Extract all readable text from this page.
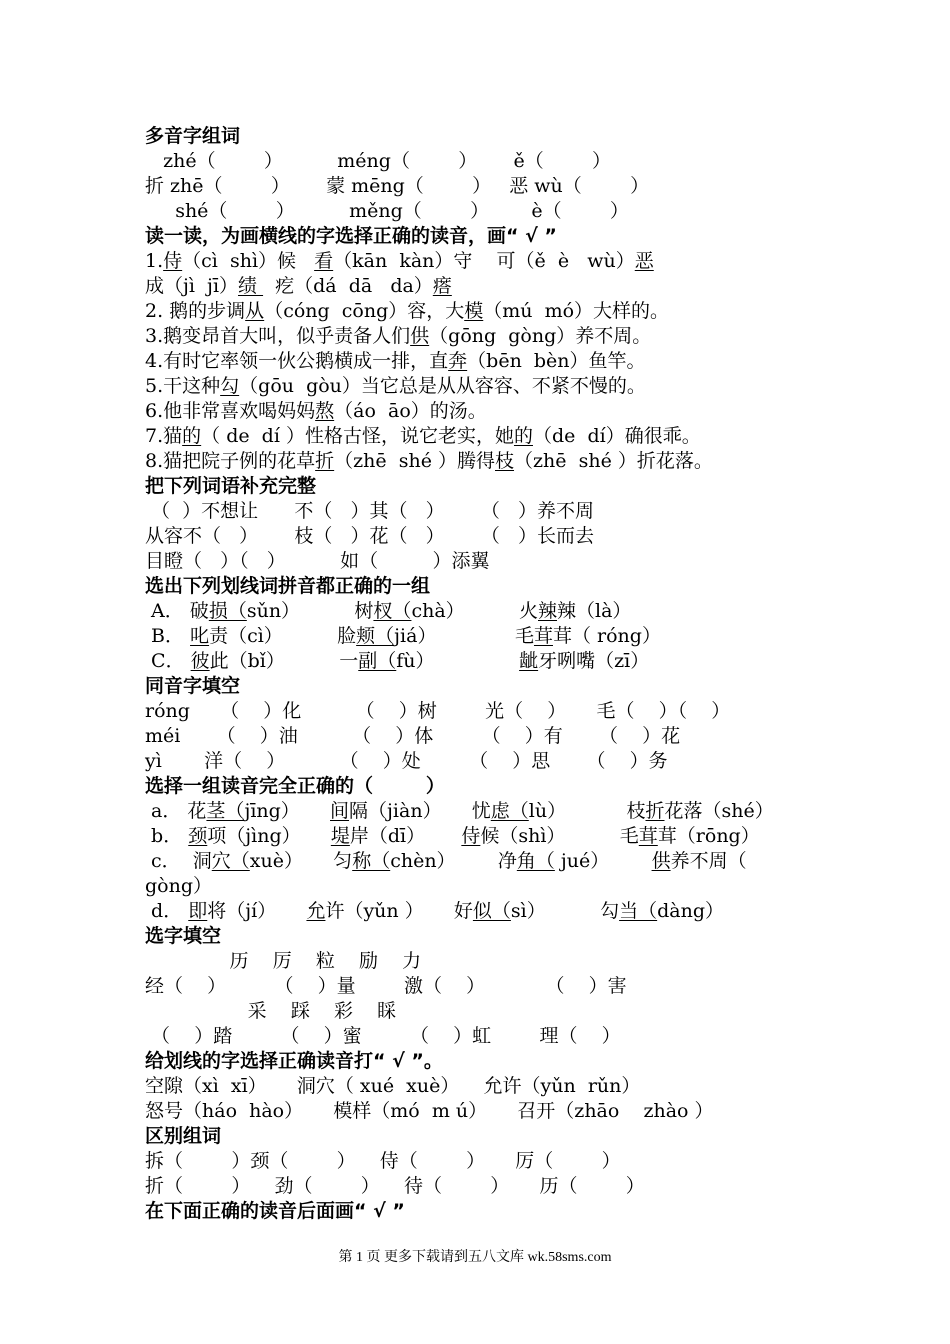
多音字组词
zhé（        ）         méng（        ）      ě（        ）
折 zhē（        ）      蒙 mēng（        ）   恶 wù（        ）
shé（        ）         měng（        ）       è（        ）
读一读，为画横线的字选择正确的读音，画“ √ ”
1.侍（cì  shì）候   看（kān  kàn）守    可（ě  è   wù）恶
成（jì  jī）绩   疙（dá  dā   da）瘩
2. 鹅的步调从（cóng  cōng）容，大模（mú  mó）大样的。
3.鹅变昂首大叫，似乎责备人们供（gōng  gòng）养不周。
4.有时它率领一伙公鹅横成一排，直奔（bēn  bèn）鱼竿。
5.干这种勾（gōu  gòu）当它总是从从容容、不紧不慢的。
6.他非常喜欢喝妈妈熬（áo  āo）的汤。
7.猫的（ de  dí ）性格古怪，说它老实，她的（de  dí）确很乖。
8.猫把院子例的花草折（zhē  shé ）腾得枝（zhē  shé ）折花落。
把下列词语补充完整
（  ）不想让      不（   ）其（   ）      （   ）养不周
从容不（   ）      枝（   ）花（   ）      （   ）长而去
目瞪（   ）（   ）         如（         ）添翼
选出下列划线词拼音都正确的一组
A． 破损（sǔn）         树杈（chà）         火辣辣（là）
B． 叱责（cì）         脸颊（jiá）             毛茸茸（ róng）
C． 彼此（bǐ）         一副（fù）              龇牙咧嘴（zī）
同音字填空
róng     （    ）化         （    ）树        光（    ）     毛（    ）（    ）
méi      （    ）油         （    ）体        （    ）有      （    ）花
yì       洋（    ）         （    ）处        （    ）思      （    ）务
选择一组读音完全正确的（        ）
a． 花茎（jīng）     间隔（jiàn）     忧虑（lù）          枝折花落（shé）
b． 颈项（jìng）     堤岸（dī）      侍候（shì）         毛茸茸（rōng）
c．  洞穴（xuè）     匀称（chèn）       净角（ jué）       供养不周（
gòng）
d． 即将（jí）     允许（yǔn ）     好似（sì）         勾当（dàng）
选字填空
历    厉    粒    励    力
经（    ）        （    ）量        激（    ）          （    ）害
采    踩    彩    睬
（    ）踏        （    ）蜜        （    ）虹        理（    ）
给划线的字选择正确读音打“ √ ”。
空隙（xì  xī）     洞穴（ xué  xuè）    允许（yǔn  rǔn）
怒号（háo  hào）     模样（mó  m ú）     召开（zhāo    zhào ）
区别组词
拆（        ）颈（        ）    侍（        ）     厉（        ）
折（        ）    劲（        ）    待（        ）     历（        ）
在下面正确的读音后面画“ √ ”
第 1 页 更多下载请到五八文库 wk.58sms.com
